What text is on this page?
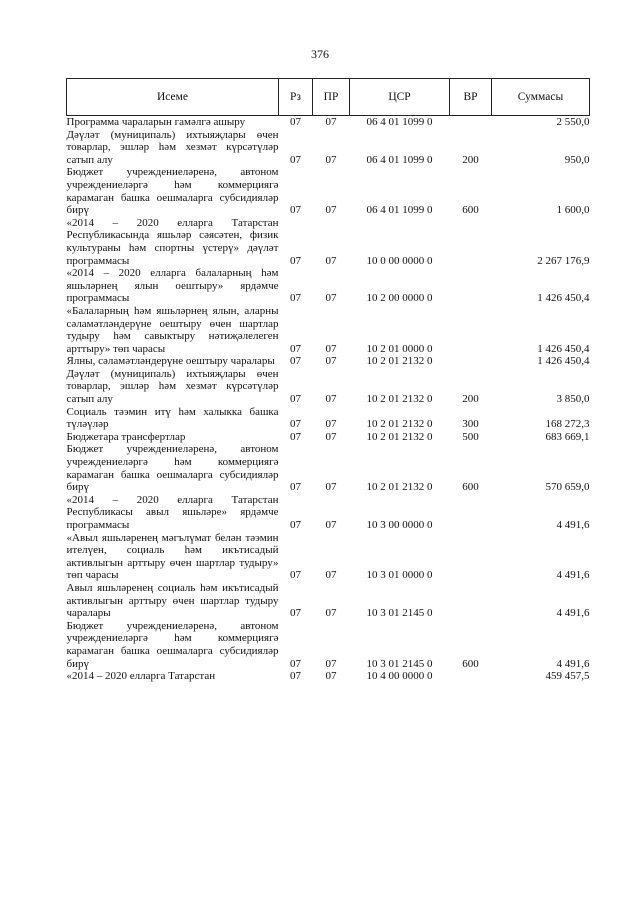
376
Исеме	Рз	ПР	ЦСР	ВР	Суммасы
Программа чараларын гамәлгә ашыру	07	07	06 4 01 1099 0		2 550,0
Дәүләт (муниципаль) ихтыяҗлары өчен товарлар, эшләр һәм хезмәт күрсәтүләр сатып алу	07	07	06 4 01 1099 0	200	950,0
Бюджет учреждениеләренә, автоном учреждениеләргә һәм коммерциягә карамаган башка оешмаларга субсидияләр бирү	07	07	06 4 01 1099 0	600	1 600,0
«2014 – 2020 елларга Татарстан Республикасында яшьләр сәясәтен, физик культураны һәм спортны үстерү» дәүләт программасы	07	07	10 0 00 0000 0		2 267 176,9
«2014 – 2020 елларга балаларның һәм яшьләрнең ялын оештыру» ярдәмче программасы	07	07	10 2 00 0000 0		1 426 450,4
«Балаларның һәм яшьләрнең ялын, аларны сәламәтләндерүне оештыру өчен шартлар тудыру һәм савыктыру нәтиҗәлелеген арттыру» төп чарасы	07	07	10 2 01 0000 0		1 426 450,4
Ялны, сәламәтләндерүне оештыру чаралары	07	07	10 2 01 2132 0		1 426 450,4
Дәүләт (муниципаль) ихтыяҗлары өчен товарлар, эшләр һәм хезмәт күрсәтүләр сатып алу	07	07	10 2 01 2132 0	200	3 850,0
Социаль тәэмин итү һәм халыкка башка түләүләр	07	07	10 2 01 2132 0	300	168 272,3
Бюджетара трансфертлар	07	07	10 2 01 2132 0	500	683 669,1
Бюджет учреждениеләренә, автоном учреждениеләргә һәм коммерциягә карамаган башка оешмаларга субсидияләр бирү	07	07	10 2 01 2132 0	600	570 659,0
«2014 – 2020 елларга Татарстан Республикасы авыл яшьләре» ярдәмче программасы	07	07	10 3 00 0000 0		4 491,6
«Авыл яшьләренең мәгълүмат белән тәэмин ителүен, социаль һәм икътисадый активлыгын арттыру өчен шартлар тудыру» төп чарасы	07	07	10 3 01 0000 0		4 491,6
Авыл яшьләренең социаль һәм икътисадый активлыгын арттыру өчен шартлар тудыру чаралары	07	07	10 3 01 2145 0		4 491,6
Бюджет учреждениеләренә, автоном учреждениеләргә һәм коммерциягә карамаган башка оешмаларга субсидияләр бирү	07	07	10 3 01 2145 0	600	4 491,6
«2014 – 2020 елларга Татарстан	07	07	10 4 00 0000 0		459 457,5
